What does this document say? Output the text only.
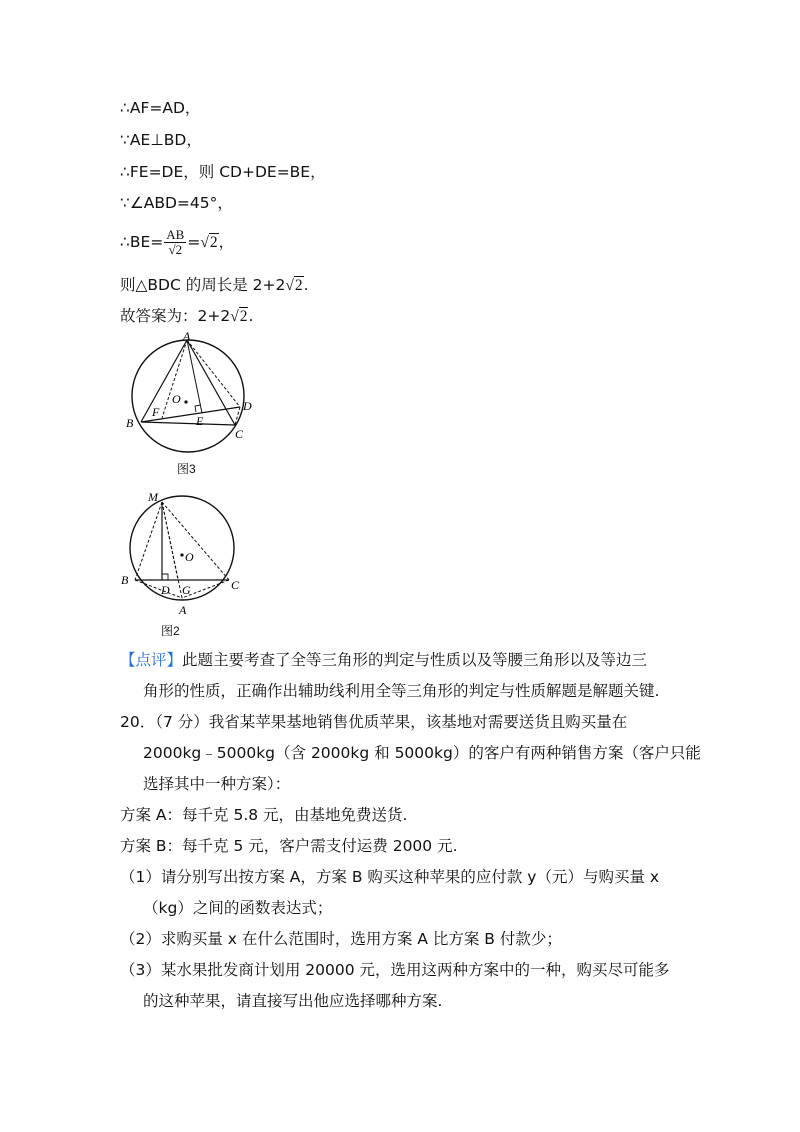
∴AF=AD，
∵AE⊥BD，
∴FE=DE，则 CD+DE=BE，
∵∠ABD=45°，
∴BE= $\frac{AB}{√2} =√2$，
则△BDC 的周长是 2+2√2.
故答案为：2+2√2.
A
O
F
E
B
C
D
图3
M
O
B
D G	C
A
图2
【点评】此题主要考查了全等三角形的判定与性质以及等腰三角形以及等边三
角形的性质，正确作出辅助线利用全等三角形的判定与性质解题是解题关键.
20．（7 分）我省某苹果基地销售优质苹果，该基地对需要送货且购买量在
2000kg﹣5000kg（含 2000kg 和 5000kg）的客户有两种销售方案（客户只能
选择其中一种方案）：
方案 A：每千克 5.8 元，由基地免费送货.
方案 B：每千克 5 元，客户需支付运费 2000 元.
（1）请分别写出按方案 A，方案 B 购买这种苹果的应付款 y（元）与购买量 x
（kg）之间的函数表达式；
（2）求购买量 x 在什么范围时，选用方案 A 比方案 B 付款少；
（3）某水果批发商计划用 20000 元，选用这两种方案中的一种，购买尽可能多
的这种苹果，请直接写出他应选择哪种方案.
